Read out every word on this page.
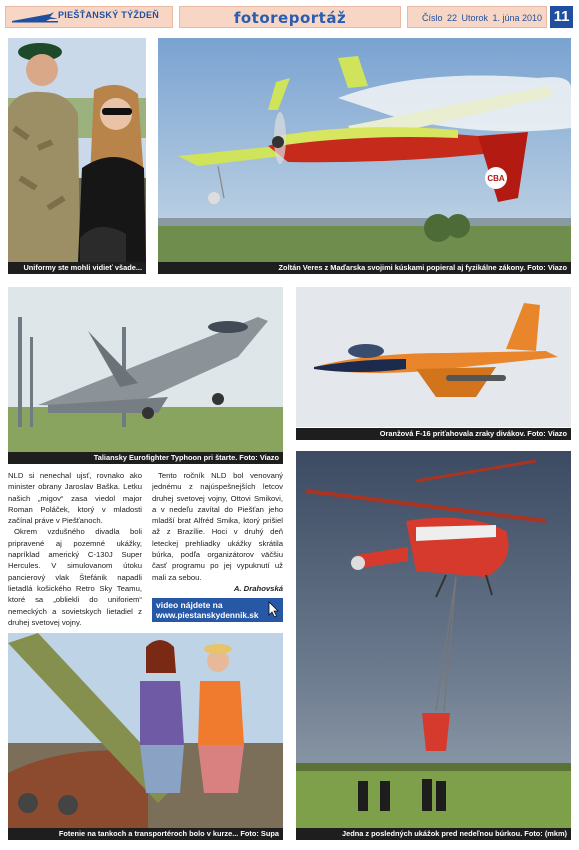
PIEŠŤANSKÝ TÝŽDEŇ	fotoreportáž	Číslo 22 Utorok 1. júna 2010 11
Uniformy ste mohli vidieť všade...
CBA
Zoltán Veres z Maďarska svojimi kúskami popieral aj fyzikálne zákony. Foto: Viazo
Taliansky Eurofighter Typhoon pri štarte. Foto: Viazo
Oranžová F-16 priťahovala zraky divákov. Foto: Viazo
Jedna z posledných ukážok pred nedeľnou búrkou. Foto: (mkm)

NLD si nenechal ujsť, rovnako ako minister obrany Jaroslav Baška. Letku našich „migov“ zasa viedol major Roman Poláček, ktorý v mladosti začínal práve v Piešťanoch.

Okrem vzdušného divadla boli pripravené aj pozemné ukážky, napríklad americký C-130J Super Hercules. V simulovanom útoku pancierový vlak Štefánik napadli lietadlá košického Retro Sky Teamu, ktoré sa „obliekli do uniforiem“ nemeckých a sovietskych lietadiel z druhej svetovej vojny.

Tento ročník NLD bol venovaný jednému z najúspešnejších letcov druhej svetovej vojny, Ottovi Smikovi, a v nedeľu zavítal do Piešťan jeho mladší brat Alfréd Smika, ktorý prišiel až z Brazílie. Hoci v druhý deň leteckej prehliadky ukážky skrátila búrka, podľa organizátorov väčšiu časť programu po jej vypuknutí už mali za sebou.

A. Drahovská

video nájdete na
www.piestanskydennik.sk
Fotenie na tankoch a transportéroch bolo v kurze... Foto: Supa
